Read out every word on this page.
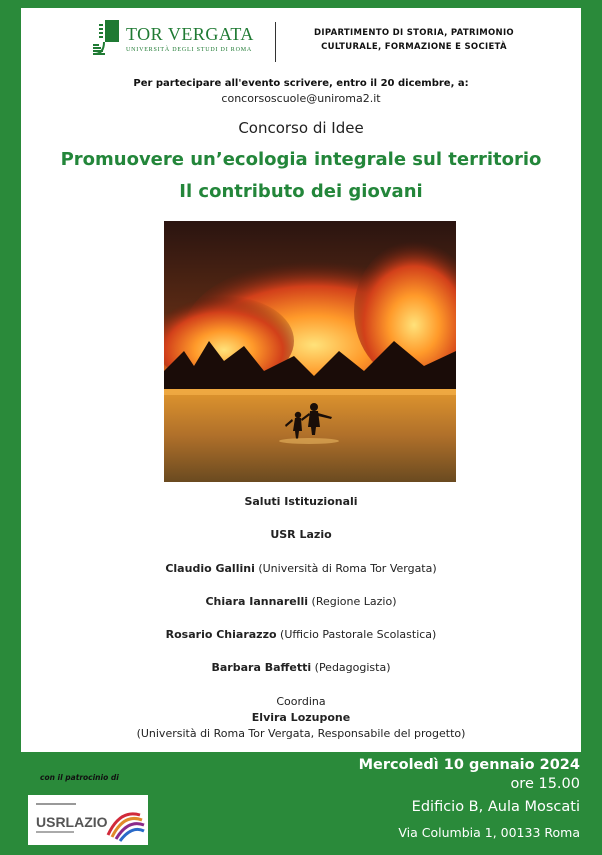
TOR VERGATA
UNIVERSITÀ DEGLI STUDI DI ROMA
DIPARTIMENTO DI STORIA, PATRIMONIO
CULTURALE, FORMAZIONE E SOCIETÀ
Per partecipare all'evento scrivere, entro il 20 dicembre, a:
concorsoscuole@uniroma2.it
Concorso di Idee
Promuovere un’ecologia integrale sul territorio
Il contributo dei giovani
Saluti Istituzionali
USR Lazio
Claudio Gallini (Università di Roma Tor Vergata)
Chiara Iannarelli (Regione Lazio)
Rosario Chiarazzo (Ufficio Pastorale Scolastica)
Barbara Baffetti (Pedagogista)
Coordina
Elvira Lozupone
(Università di Roma Tor Vergata, Responsabile del progetto)
con il patrocinio di
USRLAZIO
Mercoledì 10 gennaio 2024
ore 15.00
Edificio B, Aula Moscati
Via Columbia 1, 00133 Roma
